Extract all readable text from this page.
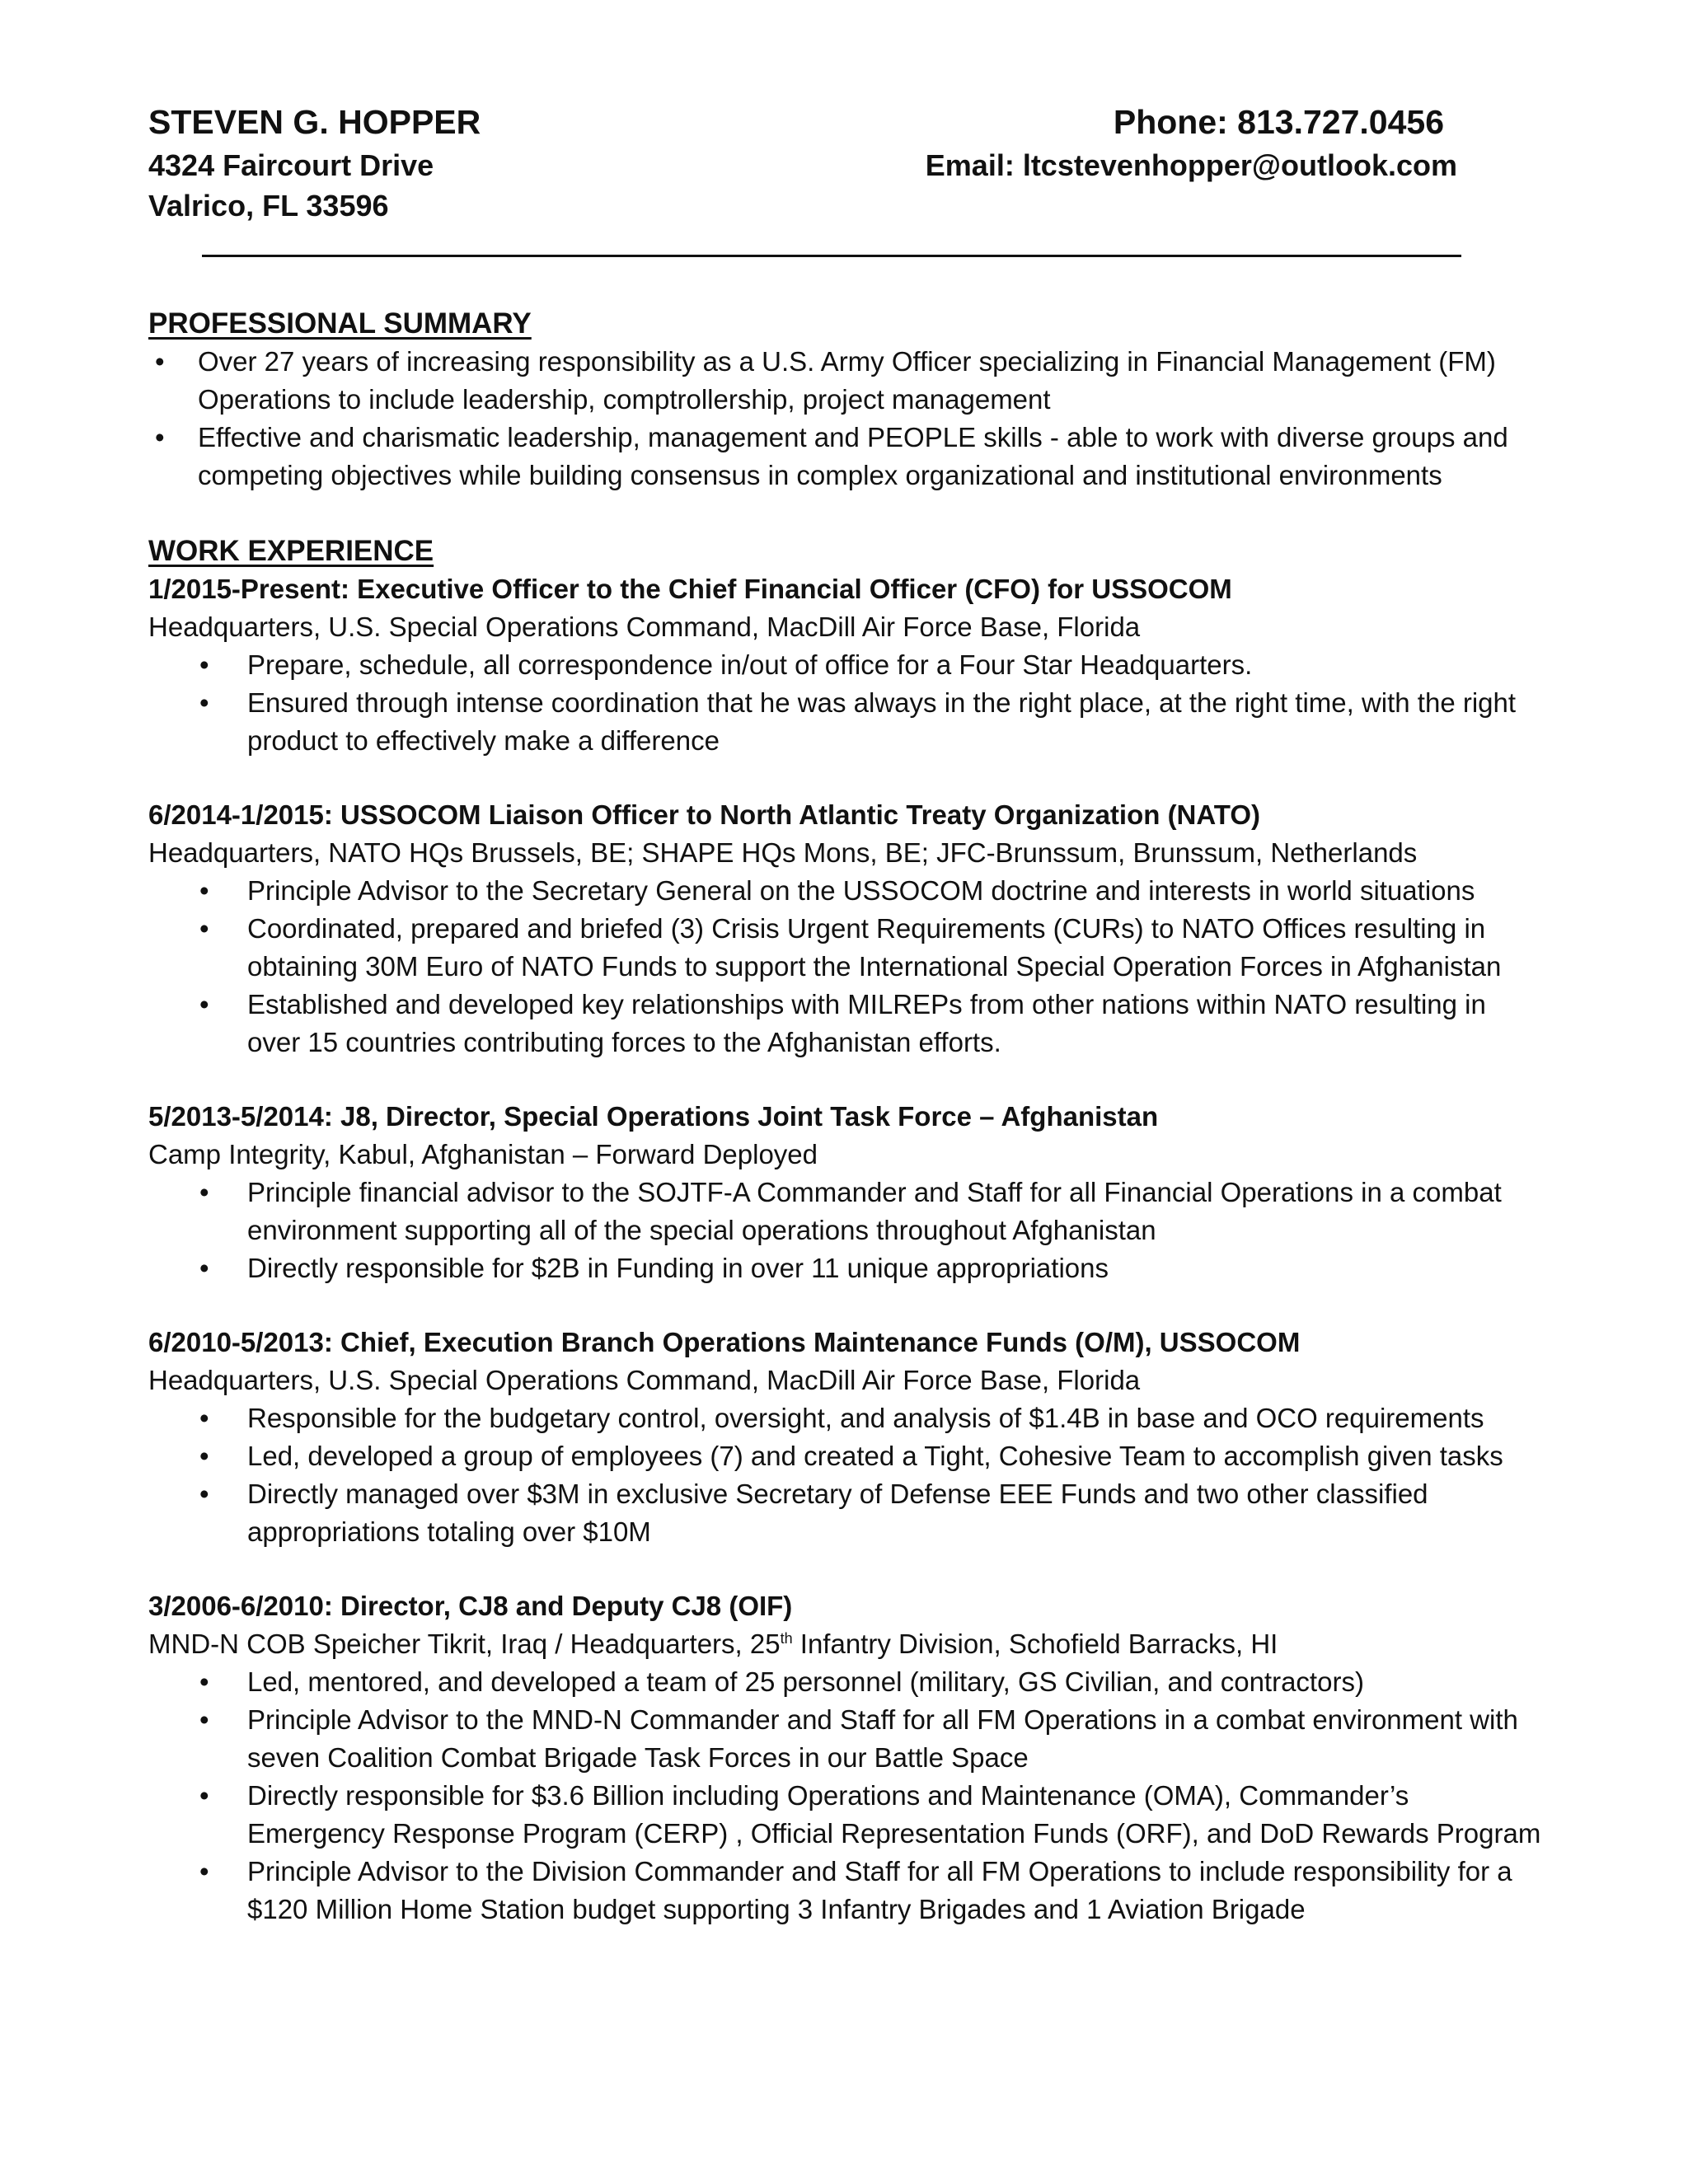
STEVEN G. HOPPER	Phone: 813.727.0456
4324 Faircourt Drive	Email: ltcstevenhopper@outlook.com
Valrico, FL 33596
PROFESSIONAL SUMMARY
•	Over 27 years of increasing responsibility as a U.S. Army Officer specializing in Financial Management (FM) Operations to include leadership, comptrollership, project management
•	Effective and charismatic leadership, management and PEOPLE skills - able to work with diverse groups and competing objectives while building consensus in complex organizational and institutional environments
WORK EXPERIENCE
1/2015-Present: Executive Officer to the Chief Financial Officer (CFO) for USSOCOM
Headquarters, U.S. Special Operations Command, MacDill Air Force Base, Florida
•	Prepare, schedule, all correspondence in/out of office for a Four Star Headquarters.
•	Ensured through intense coordination that he was always in the right place, at the right time, with the right product to effectively make a difference
6/2014-1/2015: USSOCOM Liaison Officer to North Atlantic Treaty Organization (NATO)
Headquarters, NATO HQs Brussels, BE; SHAPE HQs Mons, BE; JFC-Brunssum, Brunssum, Netherlands
•	Principle Advisor to the Secretary General on the USSOCOM doctrine and interests in world situations
•	Coordinated, prepared and briefed (3) Crisis Urgent Requirements (CURs) to NATO Offices resulting in obtaining 30M Euro of NATO Funds to support the International Special Operation Forces in Afghanistan
•	Established and developed key relationships with MILREPs from other nations within NATO resulting in over 15 countries contributing forces to the Afghanistan efforts.
5/2013-5/2014: J8, Director, Special Operations Joint Task Force – Afghanistan
Camp Integrity, Kabul, Afghanistan – Forward Deployed
•	Principle financial advisor to the SOJTF-A Commander and Staff for all Financial Operations in a combat environment supporting all of the special operations throughout Afghanistan
•	Directly responsible for $2B in Funding in over 11 unique appropriations
6/2010-5/2013: Chief, Execution Branch Operations Maintenance Funds (O/M), USSOCOM
Headquarters, U.S. Special Operations Command, MacDill Air Force Base, Florida
•	Responsible for the budgetary control, oversight, and analysis of $1.4B in base and OCO requirements
•	Led, developed a group of employees (7) and created a Tight, Cohesive Team to accomplish given tasks
•	Directly managed over $3M in exclusive Secretary of Defense EEE Funds and two other classified appropriations totaling over $10M
3/2006-6/2010: Director, CJ8 and Deputy CJ8 (OIF)
MND-N COB Speicher Tikrit, Iraq / Headquarters, 25th Infantry Division, Schofield Barracks, HI
•	Led, mentored, and developed a team of 25 personnel (military, GS Civilian, and contractors)
•	Principle Advisor to the MND-N Commander and Staff for all FM Operations in a combat environment with seven Coalition Combat Brigade Task Forces in our Battle Space
•	Directly responsible for $3.6 Billion including Operations and Maintenance (OMA), Commander’s Emergency Response Program (CERP) , Official Representation Funds (ORF), and DoD Rewards Program
•	Principle Advisor to the Division Commander and Staff for all FM Operations to include responsibility for a $120 Million Home Station budget supporting 3 Infantry Brigades and 1 Aviation Brigade
